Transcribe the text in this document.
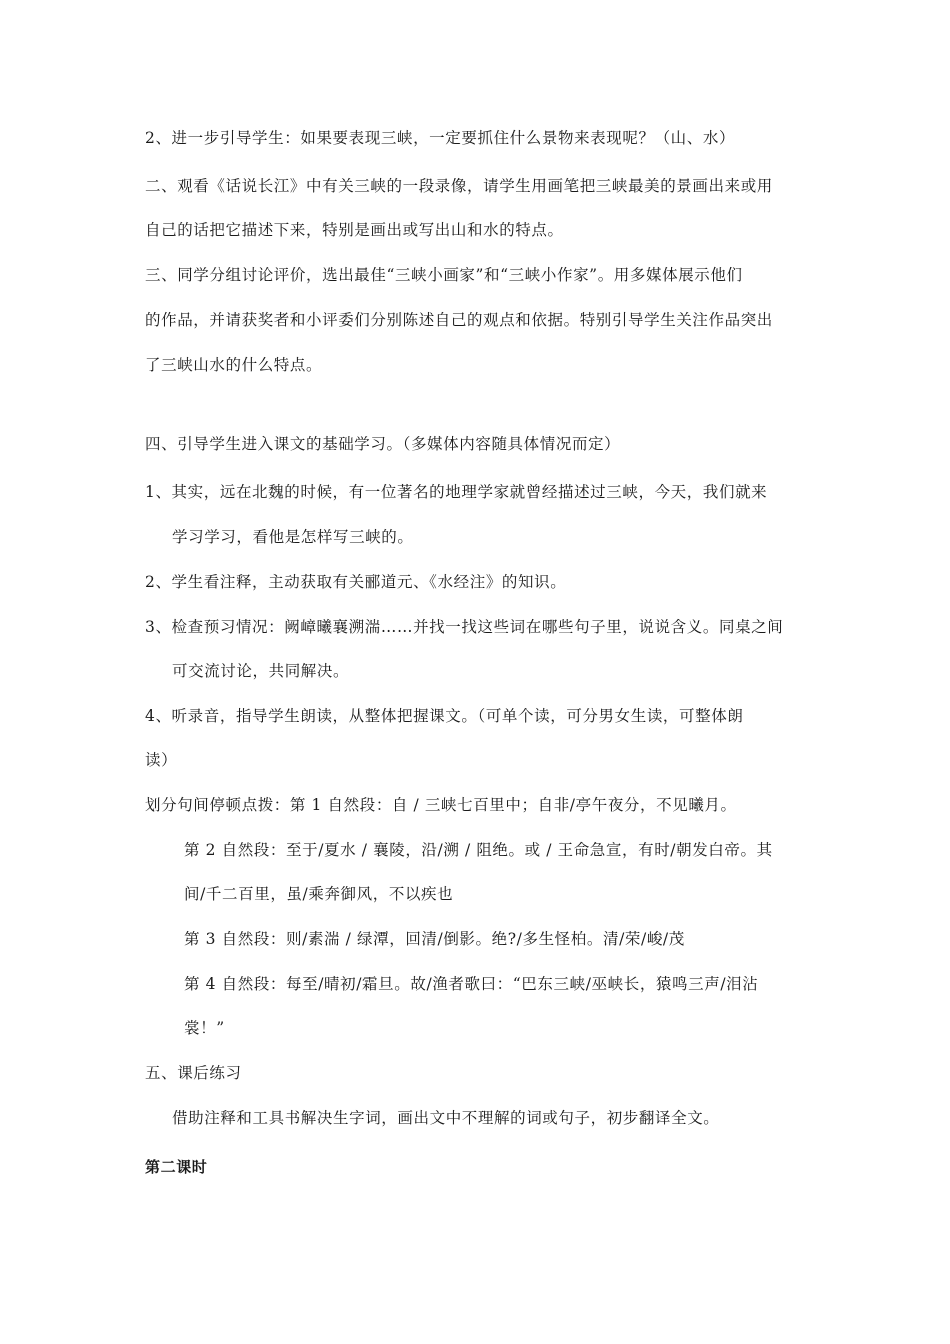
2、进一步引导学生：如果要表现三峡，一定要抓住什么景物来表现呢？（山、水）
二、观看《话说长江》中有关三峡的一段录像，请学生用画笔把三峡最美的景画出来或用
自己的话把它描述下来，特别是画出或写出山和水的特点。
三、同学分组讨论评价，选出最佳“三峡小画家”和“三峡小作家”。用多媒体展示他们
的作品，并请获奖者和小评委们分别陈述自己的观点和依据。特别引导学生关注作品突出
了三峡山水的什么特点。
四、引导学生进入课文的基础学习。（多媒体内容随具体情况而定）
1、其实，远在北魏的时候，有一位著名的地理学家就曾经描述过三峡，今天，我们就来
学习学习，看他是怎样写三峡的。
2、学生看注释，主动获取有关郦道元、《水经注》的知识。
3、检查预习情况：阙嶂曦襄溯湍……并找一找这些词在哪些句子里，说说含义。同桌之间
可交流讨论，共同解决。
4、听录音，指导学生朗读，从整体把握课文。（可单个读，可分男女生读，可整体朗
读）
划分句间停顿点拨：第 1 自然段：自 / 三峡七百里中；自非/亭午夜分，不见曦月。
第 2 自然段：至于/夏水 / 襄陵，沿/溯 / 阻绝。或 / 王命急宣，有时/朝发白帝。其
间/千二百里，虽/乘奔御风，不以疾也
第 3 自然段：则/素湍 / 绿潭，回清/倒影。绝?/多生怪柏。清/荣/峻/茂
第 4 自然段：每至/晴初/霜旦。故/渔者歌曰：“巴东三峡/巫峡长，猿鸣三声/泪沾
裳！”
五、课后练习
借助注释和工具书解决生字词，画出文中不理解的词或句子，初步翻译全文。
第二课时
